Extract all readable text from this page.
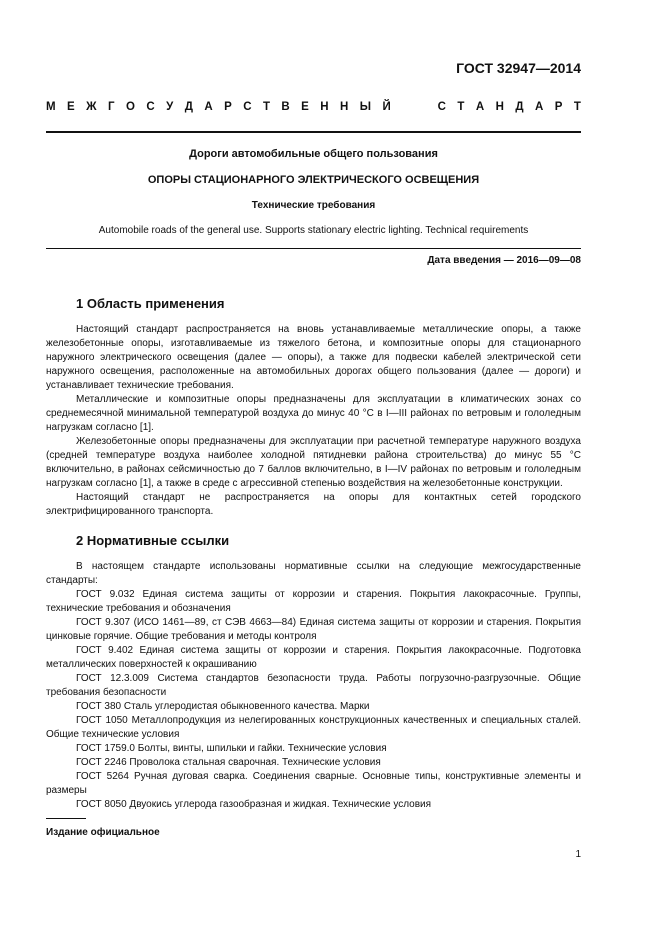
ГОСТ 32947—2014
М Е Ж Г О С У Д А Р С Т В Е Н Н Ы Й	С Т А Н Д А Р Т
Дороги автомобильные общего пользования
ОПОРЫ СТАЦИОНАРНОГО ЭЛЕКТРИЧЕСКОГО ОСВЕЩЕНИЯ
Технические требования
Automobile roads of the general use. Supports stationary electric lighting. Technical requirements
Дата введения — 2016—09—08
1 Область применения

Настоящий стандарт распространяется на вновь устанавливаемые металлические опоры, а также железобетонные опоры, изготавливаемые из тяжелого бетона, и композитные опоры для стационарного наружного электрического освещения (далее — опоры), а также для подвески кабелей электрической сети наружного освещения, расположенные на автомобильных дорогах общего пользования (далее — дороги) и устанавливает технические требования.

Металлические и композитные опоры предназначены для эксплуатации в климатических зонах со среднемесячной минимальной температурой воздуха до минус 40 °С в I—III районах по ветровым и гололедным нагрузкам согласно [1].

Железобетонные опоры предназначены для эксплуатации при расчетной температуре наружного воздуха (средней температуре воздуха наиболее холодной пятидневки района строительства) до минус 55 °С включительно, в районах сейсмичностью до 7 баллов включительно, в I—IV районах по ветровым и гололедным нагрузкам согласно [1], а также в среде с агрессивной степенью воздействия на железобетонные конструкции.

Настоящий стандарт не распространяется на опоры для контактных сетей городского электрифицированного транспорта.

2 Нормативные ссылки

В настоящем стандарте использованы нормативные ссылки на следующие межгосударственные стандарты:

ГОСТ 9.032 Единая система защиты от коррозии и старения. Покрытия лакокрасочные. Группы, технические требования и обозначения

ГОСТ 9.307 (ИСО 1461—89, ст СЭВ 4663—84) Единая система защиты от коррозии и старения. Покрытия цинковые горячие. Общие требования и методы контроля

ГОСТ 9.402 Единая система защиты от коррозии и старения. Покрытия лакокрасочные. Подготовка металлических поверхностей к окрашиванию

ГОСТ 12.3.009 Система стандартов безопасности труда. Работы погрузочно-разгрузочные. Общие требования безопасности

ГОСТ 380 Сталь углеродистая обыкновенного качества. Марки

ГОСТ 1050 Металлопродукция из нелегированных конструкционных качественных и специальных сталей. Общие технические условия

ГОСТ 1759.0 Болты, винты, шпильки и гайки. Технические условия

ГОСТ 2246 Проволока стальная сварочная. Технические условия

ГОСТ 5264 Ручная дуговая сварка. Соединения сварные. Основные типы, конструктивные элементы и размеры

ГОСТ 8050 Двуокись углерода газообразная и жидкая. Технические условия

Издание официальное
1
